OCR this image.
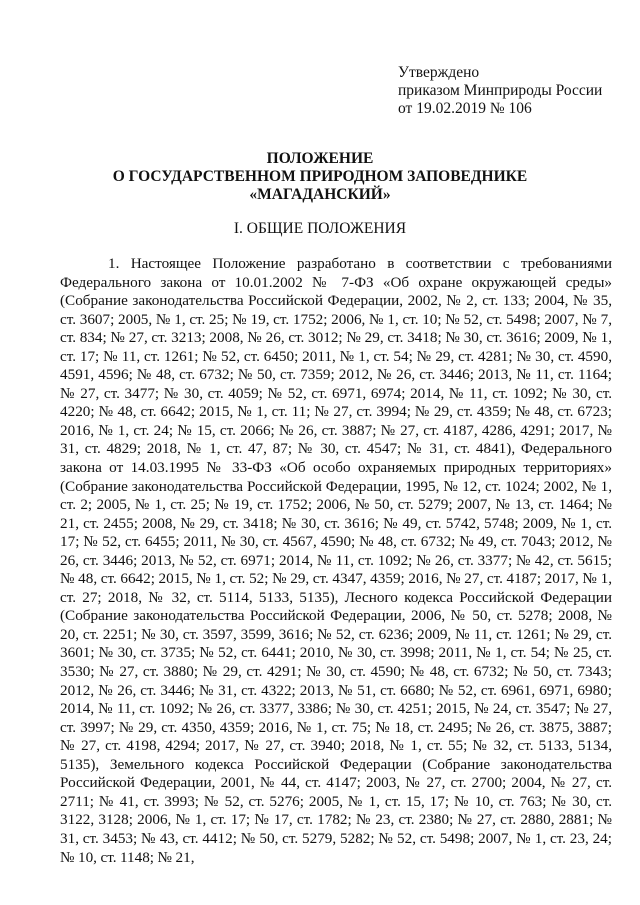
Утверждено
приказом Минприроды России
от 19.02.2019 № 106
ПОЛОЖЕНИЕ
О ГОСУДАРСТВЕННОМ ПРИРОДНОМ ЗАПОВЕДНИКЕ
«МАГАДАНСКИЙ»
I. ОБЩИЕ ПОЛОЖЕНИЯ

1. Настоящее Положение разработано в соответствии с требованиями Федерального закона от 10.01.2002 № 7-ФЗ «Об охране окружающей среды» (Собрание законодательства Российской Федерации, 2002, № 2, ст. 133; 2004, № 35, ст. 3607; 2005, № 1, ст. 25; № 19, ст. 1752; 2006, № 1, ст. 10; № 52, ст. 5498; 2007, № 7, ст. 834; № 27, ст. 3213; 2008, № 26, ст. 3012; № 29, ст. 3418; № 30, ст. 3616; 2009, № 1, ст. 17; № 11, ст. 1261; № 52, ст. 6450; 2011, № 1, ст. 54; № 29, ст. 4281; № 30, ст. 4590, 4591, 4596; № 48, ст. 6732; № 50, ст. 7359; 2012, № 26, ст. 3446; 2013, № 11, ст. 1164; № 27, ст. 3477; № 30, ст. 4059; № 52, ст. 6971, 6974; 2014, № 11, ст. 1092; № 30, ст. 4220; № 48, ст. 6642; 2015, № 1, ст. 11; № 27, ст. 3994; № 29, ст. 4359; № 48, ст. 6723; 2016, № 1, ст. 24; № 15, ст. 2066; № 26, ст. 3887; № 27, ст. 4187, 4286, 4291; 2017, № 31, ст. 4829; 2018, № 1, ст. 47, 87; № 30, ст. 4547; № 31, ст. 4841), Федерального закона от 14.03.1995 № 33-ФЗ «Об особо охраняемых природных территориях» (Собрание законодательства Российской Федерации, 1995, № 12, ст. 1024; 2002, № 1, ст. 2; 2005, № 1, ст. 25; № 19, ст. 1752; 2006, № 50, ст. 5279; 2007, № 13, ст. 1464; № 21, ст. 2455; 2008, № 29, ст. 3418; № 30, ст. 3616; № 49, ст. 5742, 5748; 2009, № 1, ст. 17; № 52, ст. 6455; 2011, № 30, ст. 4567, 4590; № 48, ст. 6732; № 49, ст. 7043; 2012, № 26, ст. 3446; 2013, № 52, ст. 6971; 2014, № 11, ст. 1092; № 26, ст. 3377; № 42, ст. 5615; № 48, ст. 6642; 2015, № 1, ст. 52; № 29, ст. 4347, 4359; 2016, № 27, ст. 4187; 2017, № 1, ст. 27; 2018, № 32, ст. 5114, 5133, 5135), Лесного кодекса Российской Федерации (Собрание законодательства Российской Федерации, 2006, № 50, ст. 5278; 2008, № 20, ст. 2251; № 30, ст. 3597, 3599, 3616; № 52, ст. 6236; 2009, № 11, ст. 1261; № 29, ст. 3601; № 30, ст. 3735; № 52, ст. 6441; 2010, № 30, ст. 3998; 2011, № 1, ст. 54; № 25, ст. 3530; № 27, ст. 3880; № 29, ст. 4291; № 30, ст. 4590; № 48, ст. 6732; № 50, ст. 7343; 2012, № 26, ст. 3446; № 31, ст. 4322; 2013, № 51, ст. 6680; № 52, ст. 6961, 6971, 6980; 2014, № 11, ст. 1092; № 26, ст. 3377, 3386; № 30, ст. 4251; 2015, № 24, ст. 3547; № 27, ст. 3997; № 29, ст. 4350, 4359; 2016, № 1, ст. 75; № 18, ст. 2495; № 26, ст. 3875, 3887; № 27, ст. 4198, 4294; 2017, № 27, ст. 3940; 2018, № 1, ст. 55; № 32, ст. 5133, 5134, 5135), Земельного кодекса Российской Федерации (Собрание законодательства Российской Федерации, 2001, № 44, ст. 4147; 2003, № 27, ст. 2700; 2004, № 27, ст. 2711; № 41, ст. 3993; № 52, ст. 5276; 2005, № 1, ст. 15, 17; № 10, ст. 763; № 30, ст. 3122, 3128; 2006, № 1, ст. 17; № 17, ст. 1782; № 23, ст. 2380; № 27, ст. 2880, 2881; № 31, ст. 3453; № 43, ст. 4412; № 50, ст. 5279, 5282; № 52, ст. 5498; 2007, № 1, ст. 23, 24; № 10, ст. 1148; № 21,
